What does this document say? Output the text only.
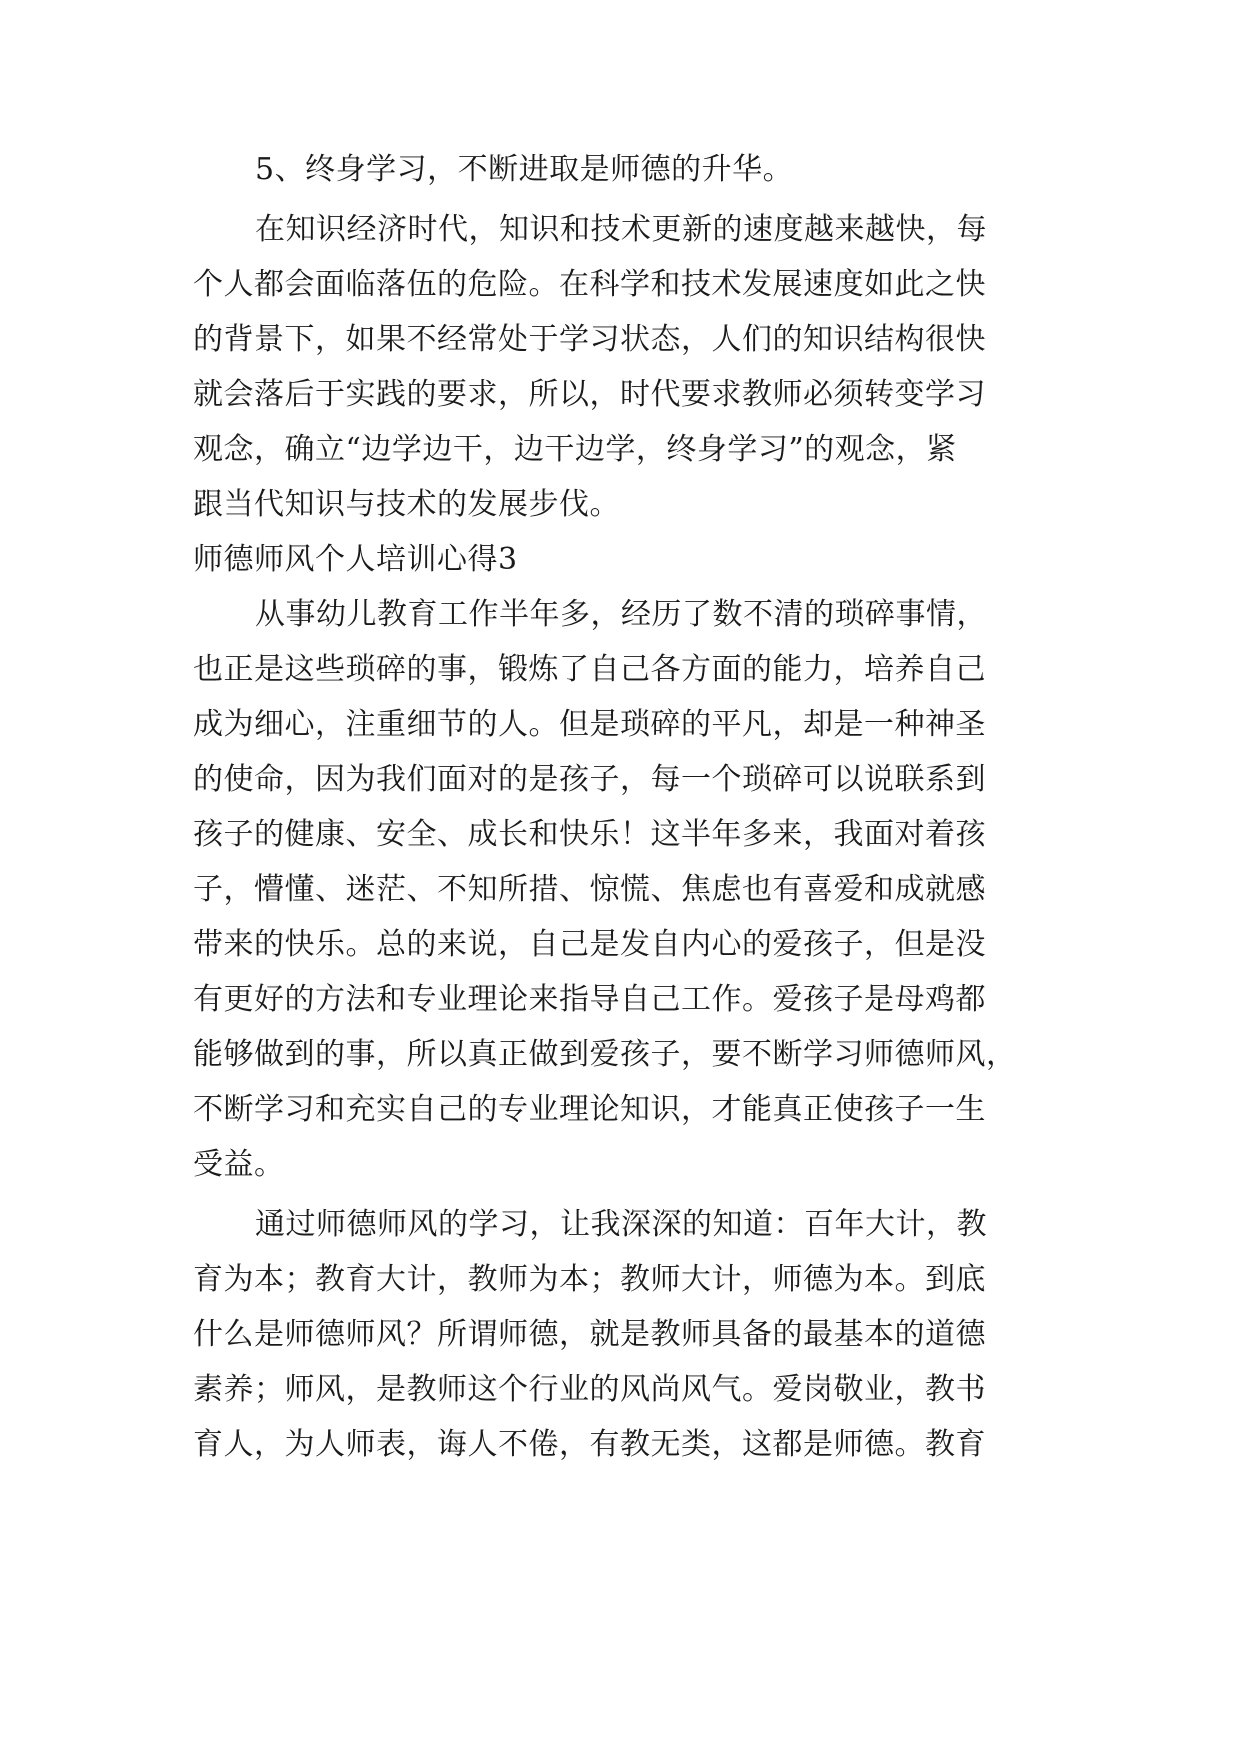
5、终身学习，不断进取是师德的升华。
在知识经济时代，知识和技术更新的速度越来越快，每
个人都会面临落伍的危险。在科学和技术发展速度如此之快
的背景下，如果不经常处于学习状态，人们的知识结构很快
就会落后于实践的要求，所以，时代要求教师必须转变学习
观念，确立“边学边干，边干边学，终身学习”的观念，紧
跟当代知识与技术的发展步伐。
师德师风个人培训心得3
从事幼儿教育工作半年多，经历了数不清的琐碎事情，
也正是这些琐碎的事，锻炼了自己各方面的能力，培养自己
成为细心，注重细节的人。但是琐碎的平凡，却是一种神圣
的使命，因为我们面对的是孩子，每一个琐碎可以说联系到
孩子的健康、安全、成长和快乐！这半年多来，我面对着孩
子，懵懂、迷茫、不知所措、惊慌、焦虑也有喜爱和成就感
带来的快乐。总的来说，自己是发自内心的爱孩子，但是没
有更好的方法和专业理论来指导自己工作。爱孩子是母鸡都
能够做到的事，所以真正做到爱孩子，要不断学习师德师风，
不断学习和充实自己的专业理论知识，才能真正使孩子一生
受益。
通过师德师风的学习，让我深深的知道：百年大计，教
育为本；教育大计，教师为本；教师大计，师德为本。到底
什么是师德师风？所谓师德，就是教师具备的最基本的道德
素养；师风，是教师这个行业的风尚风气。爱岗敬业，教书
育人，为人师表，诲人不倦，有教无类，这都是师德。教育
